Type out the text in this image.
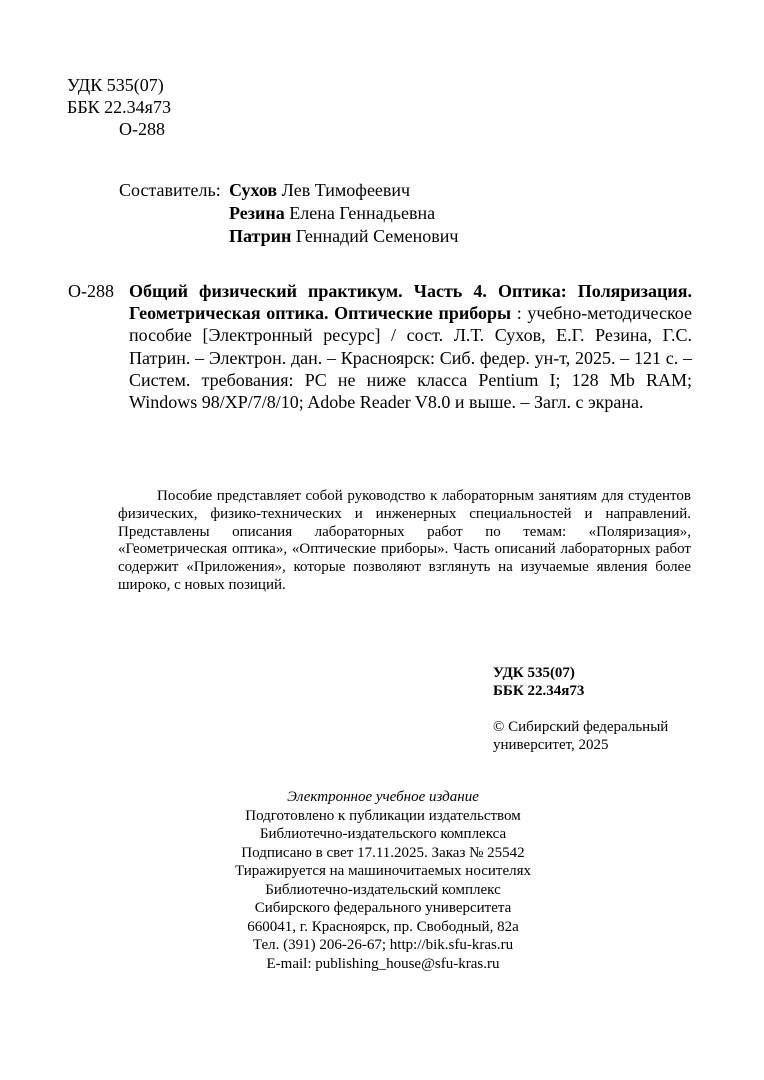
УДК 535(07)
ББК 22.34я73
О-288
Составитель: Сухов Лев Тимофеевич
Резина Елена Геннадьевна
Патрин Геннадий Семенович
О-288 Общий физический практикум. Часть 4. Оптика: Поляризация. Геометрическая оптика. Оптические приборы : учебно-методическое пособие [Электронный ресурс] / сост. Л.Т. Сухов, Е.Г. Резина, Г.С. Патрин. – Электрон. дан. – Красноярск: Сиб. федер. ун-т, 2025. – 121 с. – Систем. требования: PC не ниже класса Pentium I; 128 Mb RAM; Windows 98/XP/7/8/10; Adobe Reader V8.0 и выше. – Загл. с экрана.
Пособие представляет собой руководство к лабораторным занятиям для студентов физических, физико-технических и инженерных специальностей и направлений. Представлены описания лабораторных работ по темам: «Поляризация», «Геометрическая оптика», «Оптические приборы». Часть описаний лабораторных работ содержит «Приложения», которые позволяют взглянуть на изучаемые явления более широко, с новых позиций.
УДК 535(07)
ББК 22.34я73
© Сибирский федеральный
университет, 2025
Электронное учебное издание
Подготовлено к публикации издательством
Библиотечно-издательского комплекса
Подписано в свет 17.11.2025. Заказ № 25542
Тиражируется на машиночитаемых носителях
Библиотечно-издательский комплекс
Сибирского федерального университета
660041, г. Красноярск, пр. Свободный, 82а
Тел. (391) 206-26-67; http://bik.sfu-kras.ru
E-mail: publishing_house@sfu-kras.ru
